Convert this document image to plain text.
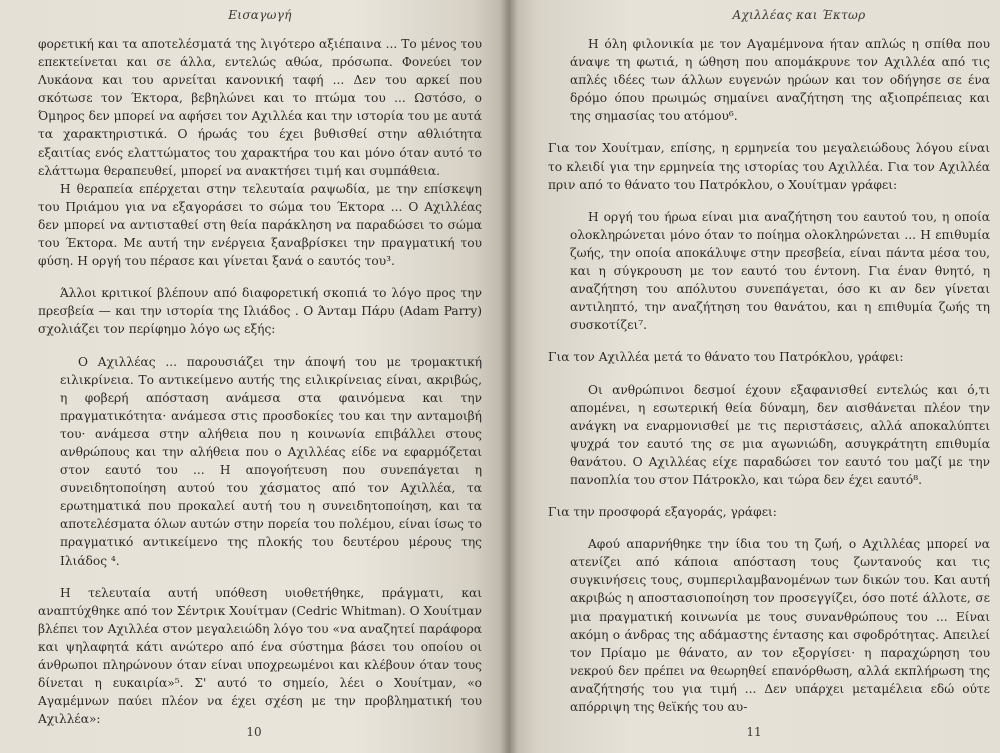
Εισαγωγή

φορετική και τα αποτελέσματά της λιγότερο αξιέπαινα ... Το μένος του επεκτείνεται και σε άλλα, εντελώς αθώα, πρόσωπα. Φονεύει τον Λυκάονα και του αρνείται κανονική ταφή ... Δεν του αρκεί που σκότωσε τον Έκτορα, βεβηλώνει και το πτώμα του ... Ωστόσο, ο Όμηρος δεν μπορεί να αφήσει τον Αχιλλέα και την ιστορία του με αυτά τα χαρακτηριστικά. Ο ήρωάς του έχει βυθισθεί στην αθλιότητα εξαιτίας ενός ελαττώματος του χαρακτήρα του και μόνο όταν αυτό το ελάττωμα θεραπευθεί, μπορεί να ανακτήσει τιμή και συμπάθεια.

Η θεραπεία επέρχεται στην τελευταία ραψωδία, με την επίσκεψη του Πριάμου για να εξαγοράσει το σώμα του Έκτορα ... Ο Αχιλλέας δεν μπορεί να αντισταθεί στη θεία παράκληση να παραδώσει το σώμα του Έκτορα. Με αυτή την ενέργεια ξαναβρίσκει την πραγματική του φύση. Η οργή του πέρασε και γίνεται ξανά ο εαυτός του³.

Άλλοι κριτικοί βλέπουν από διαφορετική σκοπιά το λόγο προς την πρεσβεία — και την ιστορία της Ιλιάδος . Ο Άνταμ Πάρυ (Adam Parry) σχολιάζει τον περίφημο λόγο ως εξής:

Ο Αχιλλέας ... παρουσιάζει την άποψή του με τρομακτική ειλικρίνεια. Το αντικείμενο αυτής της ειλικρίνειας είναι, ακριβώς, η φοβερή απόσταση ανάμεσα στα φαινόμενα και την πραγματικότητα· ανάμεσα στις προσδοκίες του και την ανταμοιβή του· ανάμεσα στην αλήθεια που η κοινωνία επιβάλλει στους ανθρώπους και την αλήθεια που ο Αχιλλέας είδε να εφαρμόζεται στον εαυτό του ... Η απογοήτευση που συνεπάγεται η συνειδητοποίηση αυτού του χάσματος από τον Αχιλλέα, τα ερωτηματικά που προκαλεί αυτή του η συνειδητοποίηση, και τα αποτελέσματα όλων αυτών στην πορεία του πολέμου, είναι ίσως το πραγματικό αντικείμενο της πλοκής του δευτέρου μέρους της Ιλιάδος ⁴.

Η τελευταία αυτή υπόθεση υιοθετήθηκε, πράγματι, και αναπτύχθηκε από τον Σέντρικ Χουίτμαν (Cedric Whitman). Ο Χουίτμαν βλέπει τον Αχιλλέα στον μεγαλειώδη λόγο του «να αναζητεί παράφορα και ψηλαφητά κάτι ανώτερο από ένα σύστημα βάσει του οποίου οι άνθρωποι πληρώνουν όταν είναι υποχρεωμένοι και κλέβουν όταν τους δίνεται η ευκαιρία»⁵. Σ' αυτό το σημείο, λέει ο Χουίτμαν, «ο Αγαμέμνων παύει πλέον να έχει σχέση με την προβληματική του Αχιλλέα»:

10
Αχιλλέας και Έκτωρ

Η όλη φιλονικία με τον Αγαμέμνονα ήταν απλώς η σπίθα που άναψε τη φωτιά, η ώθηση που απομάκρυνε τον Αχιλλέα από τις απλές ιδέες των άλλων ευγενών ηρώων και τον οδήγησε σε ένα δρόμο όπου πρωιμώς σημαίνει αναζήτηση της αξιοπρέπειας και της σημασίας του ατόμου⁶.

Για τον Χουίτμαν, επίσης, η ερμηνεία του μεγαλειώδους λόγου είναι το κλειδί για την ερμηνεία της ιστορίας του Αχιλλέα. Για τον Αχιλλέα πριν από το θάνατο του Πατρόκλου, ο Χουίτμαν γράφει:

Η οργή του ήρωα είναι μια αναζήτηση του εαυτού του, η οποία ολοκληρώνεται μόνο όταν το ποίημα ολοκληρώνεται ... Η επιθυμία ζωής, την οποία αποκάλυψε στην πρεσβεία, είναι πάντα μέσα του, και η σύγκρουση με τον εαυτό του έντονη. Για έναν θνητό, η αναζήτηση του απόλυτου συνεπάγεται, όσο κι αν δεν γίνεται αντιληπτό, την αναζήτηση του θανάτου, και η επιθυμία ζωής τη συσκοτίζει⁷.

Για τον Αχιλλέα μετά το θάνατο του Πατρόκλου, γράφει:

Οι ανθρώπινοι δεσμοί έχουν εξαφανισθεί εντελώς και ό,τι απομένει, η εσωτερική θεία δύναμη, δεν αισθάνεται πλέον την ανάγκη να εναρμονισθεί με τις περιστάσεις, αλλά αποκαλύπτει ψυχρά τον εαυτό της σε μια αγωνιώδη, ασυγκράτητη επιθυμία θανάτου. Ο Αχιλλέας είχε παραδώσει τον εαυτό του μαζί με την πανοπλία του στον Πάτροκλο, και τώρα δεν έχει εαυτό⁸.

Για την προσφορά εξαγοράς, γράφει:

Αφού απαρνήθηκε την ίδια του τη ζωή, ο Αχιλλέας μπορεί να ατενίζει από κάποια απόσταση τους ζωντανούς και τις συγκινήσεις τους, συμπεριλαμβανομένων των δικών του. Και αυτή ακριβώς η αποστασιοποίηση τον προσεγγίζει, όσο ποτέ άλλοτε, σε μια πραγματική κοινωνία με τους συνανθρώπους του ... Είναι ακόμη ο άνδρας της αδάμαστης έντασης και σφοδρότητας. Απειλεί τον Πρίαμο με θάνατο, αν τον εξοργίσει· η παραχώρηση του νεκρού δεν πρέπει να θεωρηθεί επανόρθωση, αλλά εκπλήρωση της αναζήτησής του για τιμή ... Δεν υπάρχει μεταμέλεια εδώ ούτε απόρριψη της θεϊκής του αυ-

11
